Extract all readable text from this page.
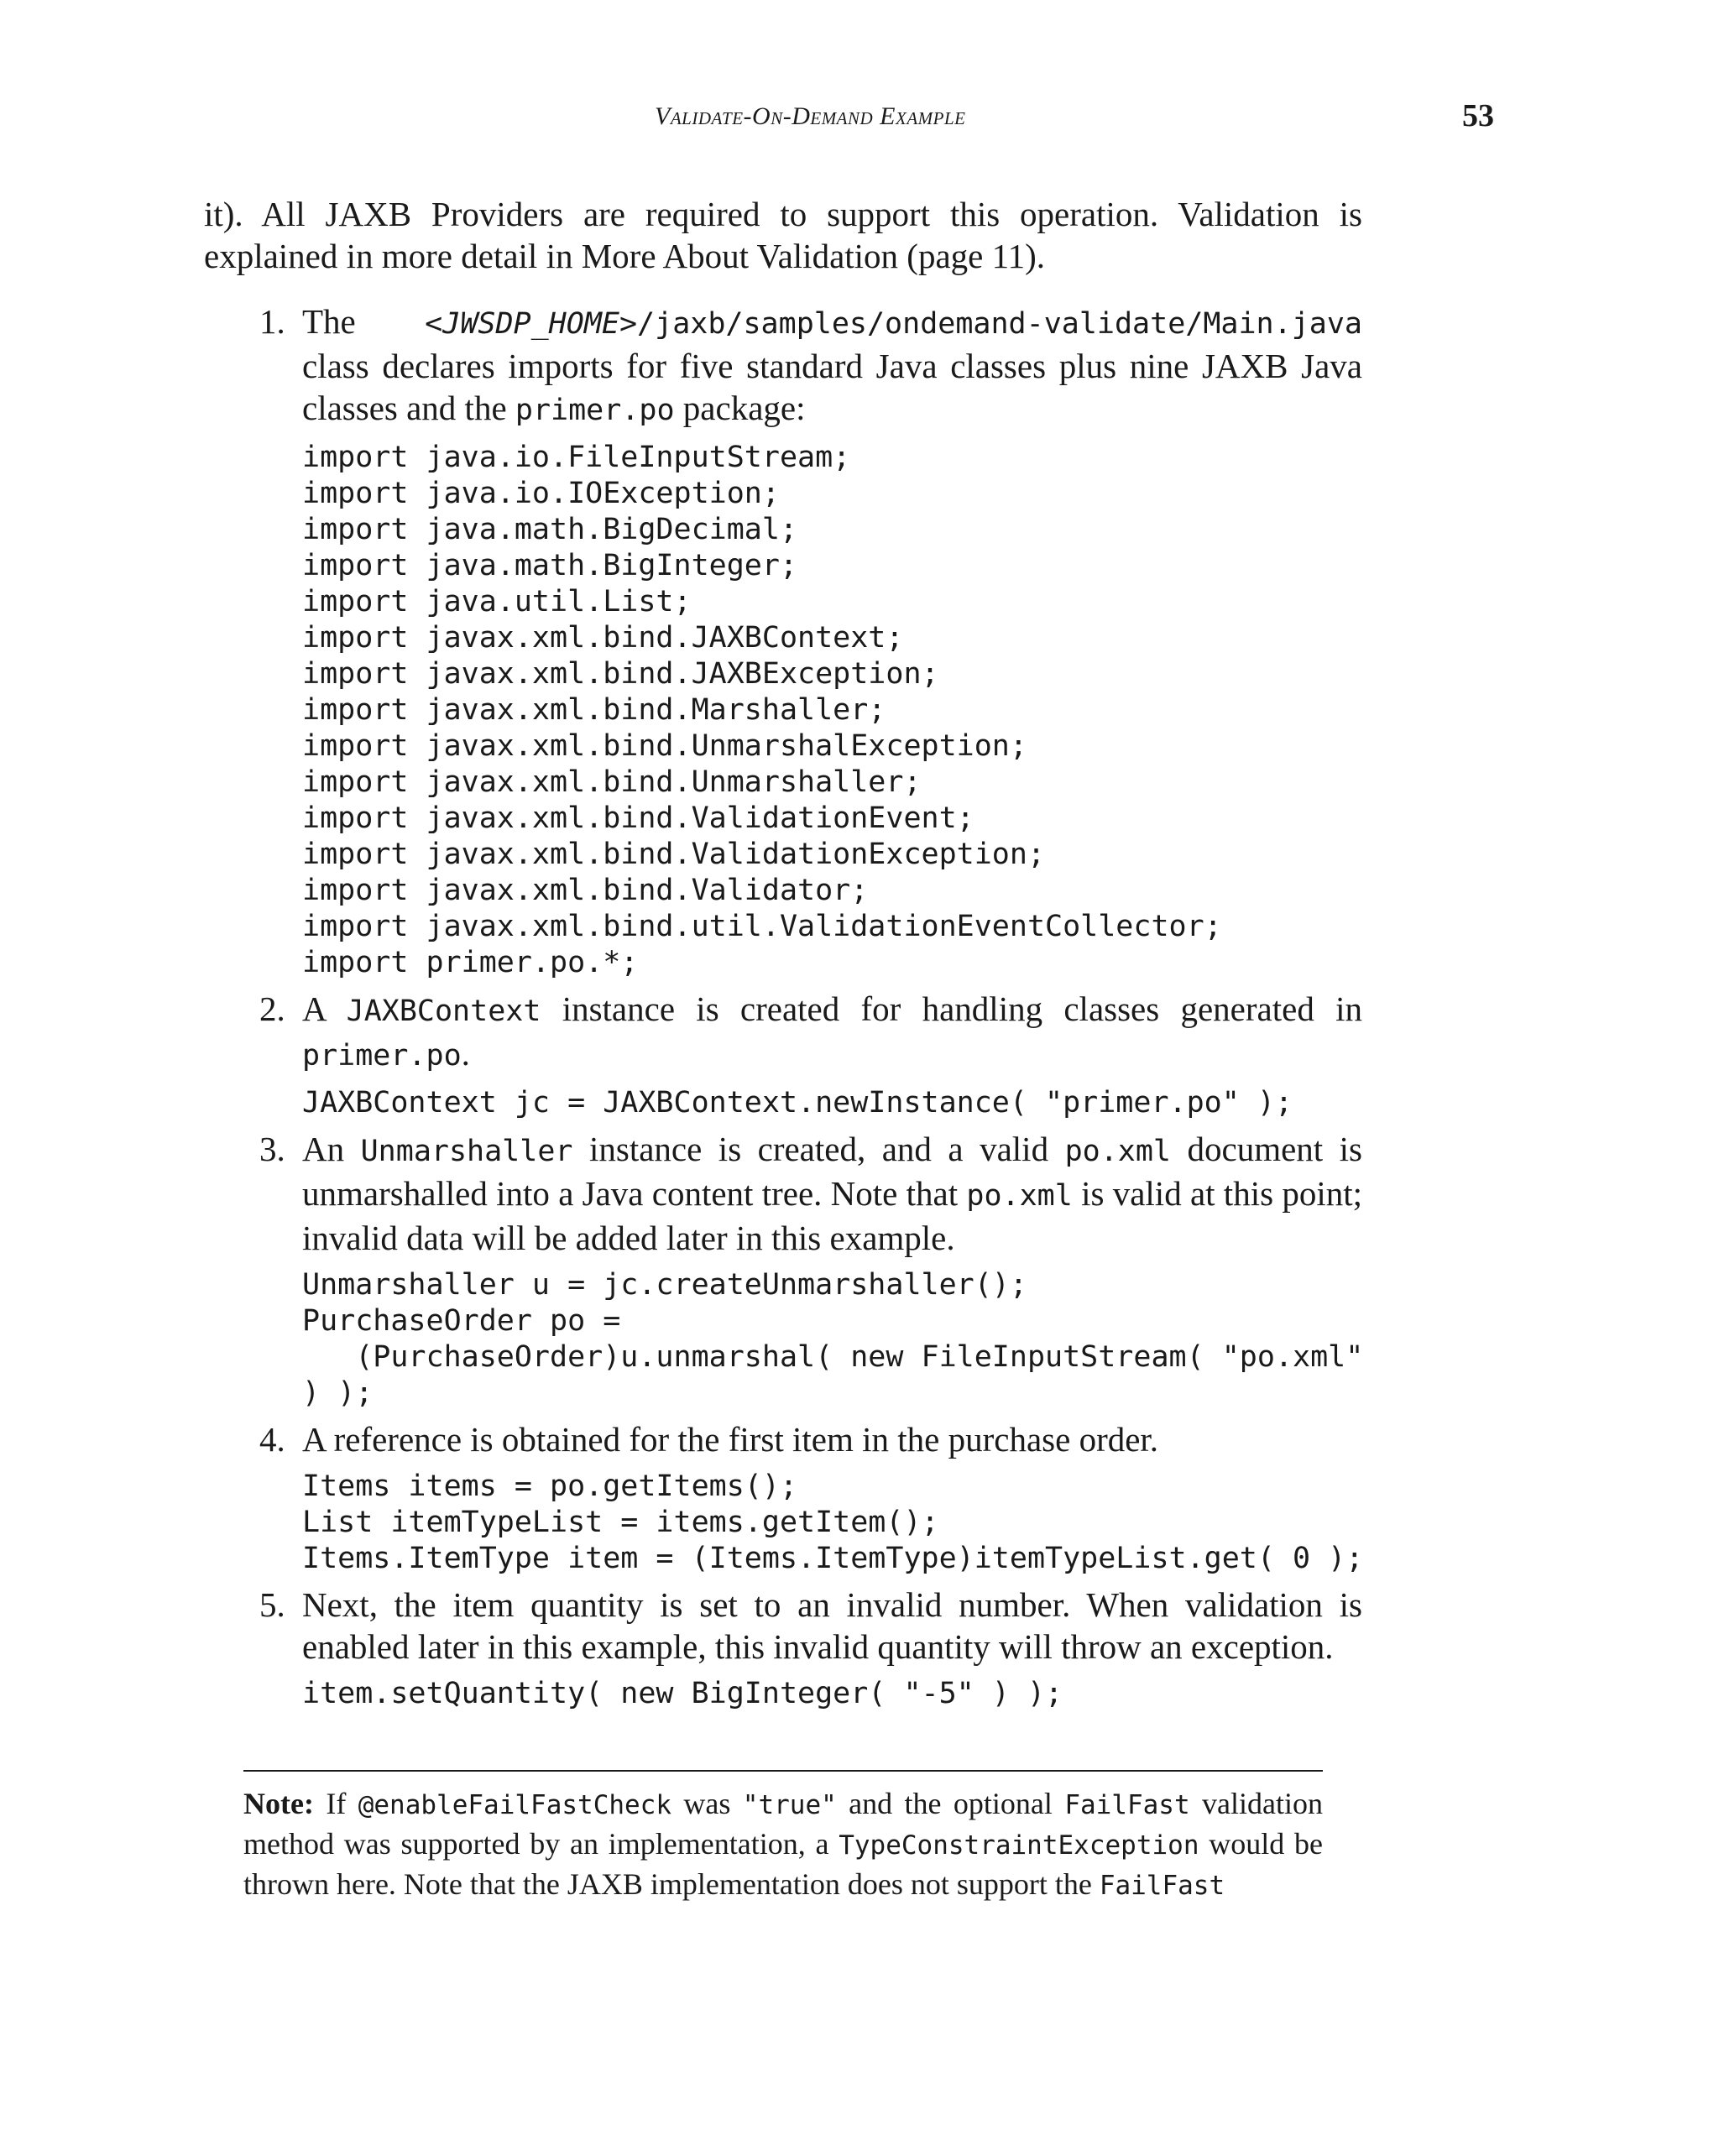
Validate-On-Demand Example	53

it). All JAXB Providers are required to support this operation. Validation is explained in more detail in More About Validation (page 11).

1. The <JWSDP_HOME>/jaxb/samples/ondemand-validate/Main.java class declares imports for five standard Java classes plus nine JAXB Java classes and the primer.po package:
import java.io.FileInputStream;
import java.io.IOException;
import java.math.BigDecimal;
import java.math.BigInteger;
import java.util.List;
import javax.xml.bind.JAXBContext;
import javax.xml.bind.JAXBException;
import javax.xml.bind.Marshaller;
import javax.xml.bind.UnmarshalException;
import javax.xml.bind.Unmarshaller;
import javax.xml.bind.ValidationEvent;
import javax.xml.bind.ValidationException;
import javax.xml.bind.Validator;
import javax.xml.bind.util.ValidationEventCollector;
import primer.po.*;
2. A JAXBContext instance is created for handling classes generated in primer.po.
JAXBContext jc = JAXBContext.newInstance( "primer.po" );
3. An Unmarshaller instance is created, and a valid po.xml document is unmarshalled into a Java content tree. Note that po.xml is valid at this point; invalid data will be added later in this example.
Unmarshaller u = jc.createUnmarshaller();
PurchaseOrder po =
(PurchaseOrder)u.unmarshal( new FileInputStream( "po.xml"
) );
4. A reference is obtained for the first item in the purchase order.
Items items = po.getItems();
List itemTypeList = items.getItem();
Items.ItemType item = (Items.ItemType)itemTypeList.get( 0 );
5. Next, the item quantity is set to an invalid number. When validation is enabled later in this example, this invalid quantity will throw an exception.
item.setQuantity( new BigInteger( "-5" ) );

Note: If @enableFailFastCheck was "true" and the optional FailFast validation method was supported by an implementation, a TypeConstraintException would be thrown here. Note that the JAXB implementation does not support the FailFast
